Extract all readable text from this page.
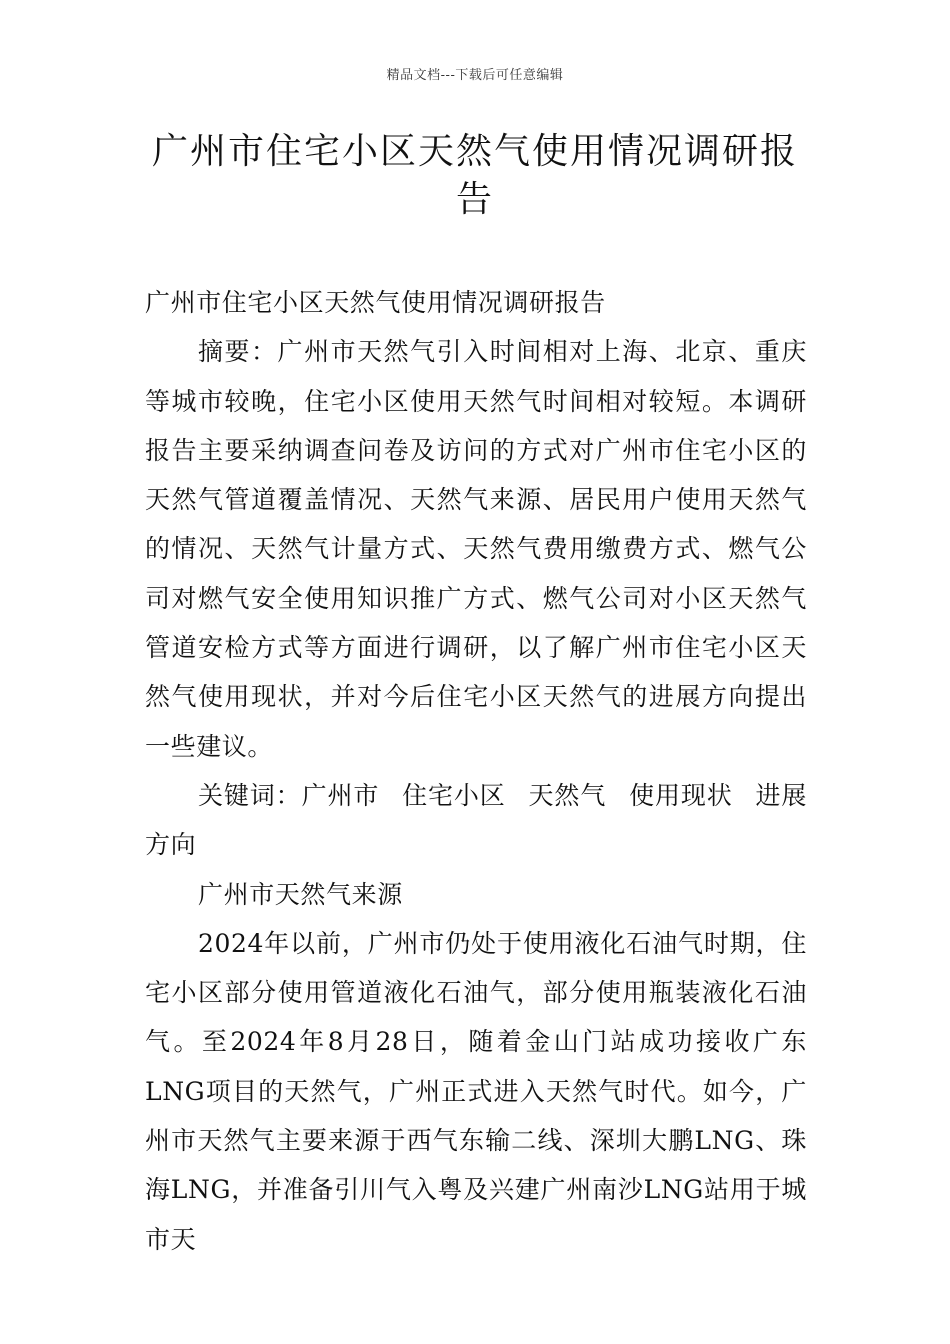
精品文档---下载后可任意编辑
广州市住宅小区天然气使用情况调研报告

广州市住宅小区天然气使用情况调研报告

摘要：广州市天然气引入时间相对上海、北京、重庆等城市较晚，住宅小区使用天然气时间相对较短。本调研报告主要采纳调查问卷及访问的方式对广州市住宅小区的天然气管道覆盖情况、天然气来源、居民用户使用天然气的情况、天然气计量方式、天然气费用缴费方式、燃气公司对燃气安全使用知识推广方式、燃气公司对小区天然气管道安检方式等方面进行调研，以了解广州市住宅小区天然气使用现状，并对今后住宅小区天然气的进展方向提出一些建议。

关键词：广州市 住宅小区 天然气 使用现状 进展方向

广州市天然气来源

2024年以前，广州市仍处于使用液化石油气时期，住宅小区部分使用管道液化石油气，部分使用瓶装液化石油气。至2024年8月28日，随着金山门站成功接收广东LNG项目的天然气，广州正式进入天然气时代。如今，广州市天然气主要来源于西气东输二线、深圳大鹏LNG、珠海LNG，并准备引川气入粤及兴建广州南沙LNG站用于城市天
